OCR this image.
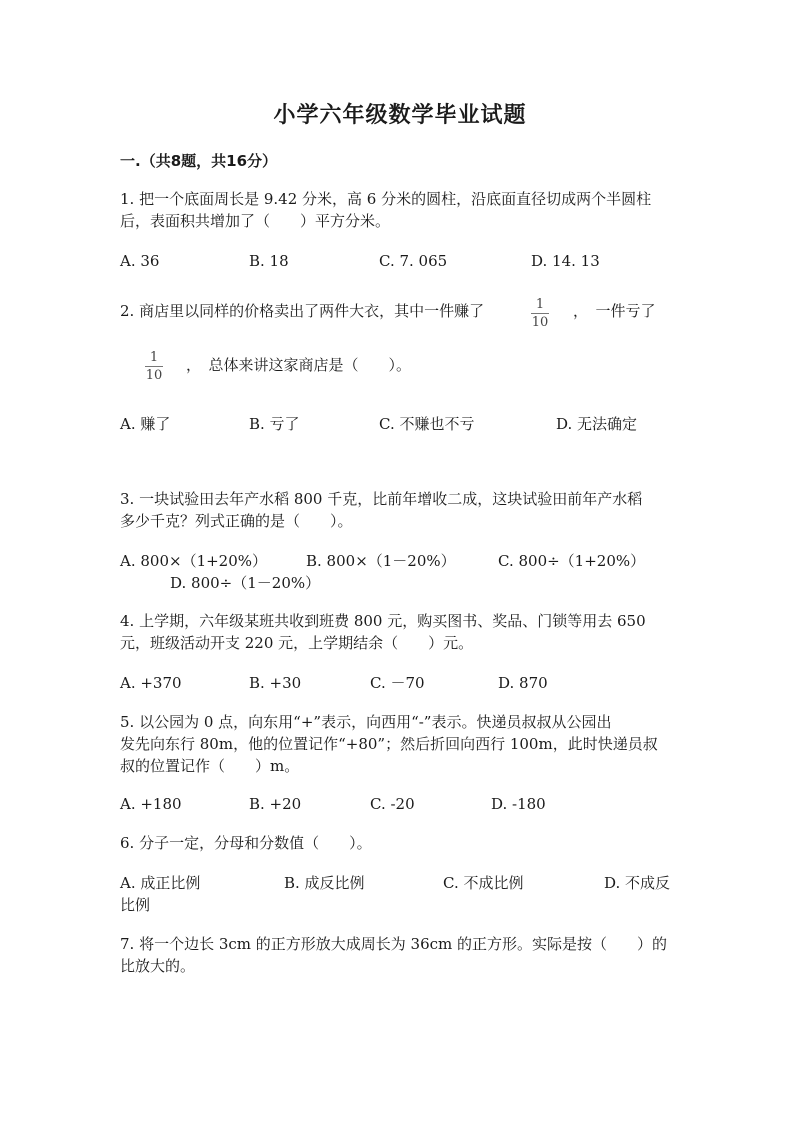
小学六年级数学毕业试题
一.（共8题，共16分）
1. 把一个底面周长是 9.42 分米，高 6 分米的圆柱，沿底面直径切成两个半圆柱
后，表面积共增加了（　　）平方分米。
A. 36	B. 18	C. 7. 065	D. 14. 13
2. 商店里以同样的价格卖出了两件大衣，其中一件赚了	1
10
，　一件亏了
1
10
，　总体来讲这家商店是（　　）。
A. 赚了	B. 亏了	C. 不赚也不亏	D. 无法确定
3. 一块试验田去年产水稻 800 千克，比前年增收二成，这块试验田前年产水稻
多少千克？列式正确的是（　　）。
A. 800×（1+20%）	B. 800×（1－20%）	C. 800÷（1+20%）
D. 800÷（1－20%）
4. 上学期，六年级某班共收到班费 800 元，购买图书、奖品、门锁等用去 650
元，班级活动开支 220 元，上学期结余（　　）元。
A. +370	B. +30	C. －70	D. 870
5. 以公园为 0 点，向东用“+”表示，向西用“-”表示。快递员叔叔从公园出
发先向东行 80m，他的位置记作“+80”；然后折回向西行 100m，此时快递员叔
叔的位置记作（　　）m。
A. +180	B. +20	C. -20	D. -180
6. 分子一定，分母和分数值（　　）。
A. 成正比例	B. 成反比例	C. 不成比例	D. 不成反
比例
7. 将一个边长 3cm 的正方形放大成周长为 36cm 的正方形。实际是按（　　）的
比放大的。
